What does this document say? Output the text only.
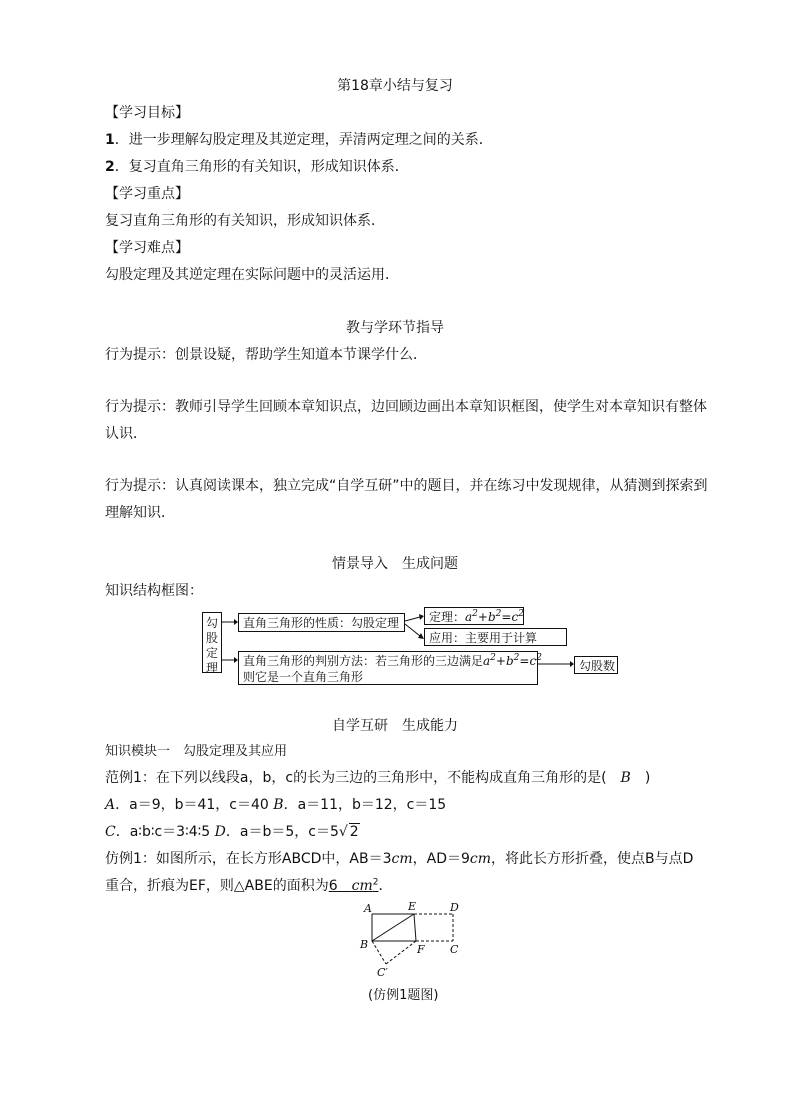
第18章小结与复习
【学习目标】
1．进一步理解勾股定理及其逆定理，弄清两定理之间的关系．
2．复习直角三角形的有关知识，形成知识体系．
【学习重点】
复习直角三角形的有关知识，形成知识体系．
【学习难点】
勾股定理及其逆定理在实际问题中的灵活运用．
教与学环节指导
行为提示：创景设疑，帮助学生知道本节课学什么．
行为提示：教师引导学生回顾本章知识点，边回顾边画出本章知识框图，使学生对本章知识有整体
认识．
行为提示：认真阅读课本，独立完成“自学互研”中的题目，并在练习中发现规律，从猜测到探索到
理解知识．
情景导入　生成问题
知识结构框图：
勾
股
定
理
直角三角形的性质：勾股定理	定理：$a^2+b^2=c^2$
应用：主要用于计算
直角三角形的判别方法：若三角形的三边满足$a^2+b^2=c^2$
则它是一个直角三角形
勾股数
自学互研　生成能力
知识模块一　勾股定理及其应用
范例1：在下列以线段a，b，c的长为三边的三角形中，不能构成直角三角形的是(　B　)
A．a＝9，b＝41，c＝40 B．a＝11，b＝12，c＝15
C．a∶b∶c＝3∶4∶5 D．a＝b＝5，c＝5√ 2
仿例1：如图所示，在长方形ABCD中，AB＝3cm，AD＝9cm，将此长方形折叠，使点B与点D
重合，折痕为EF，则△ABE的面积为6　 $cm^2$．
A	E	D
B	F C
C′
(仿例1题图)
